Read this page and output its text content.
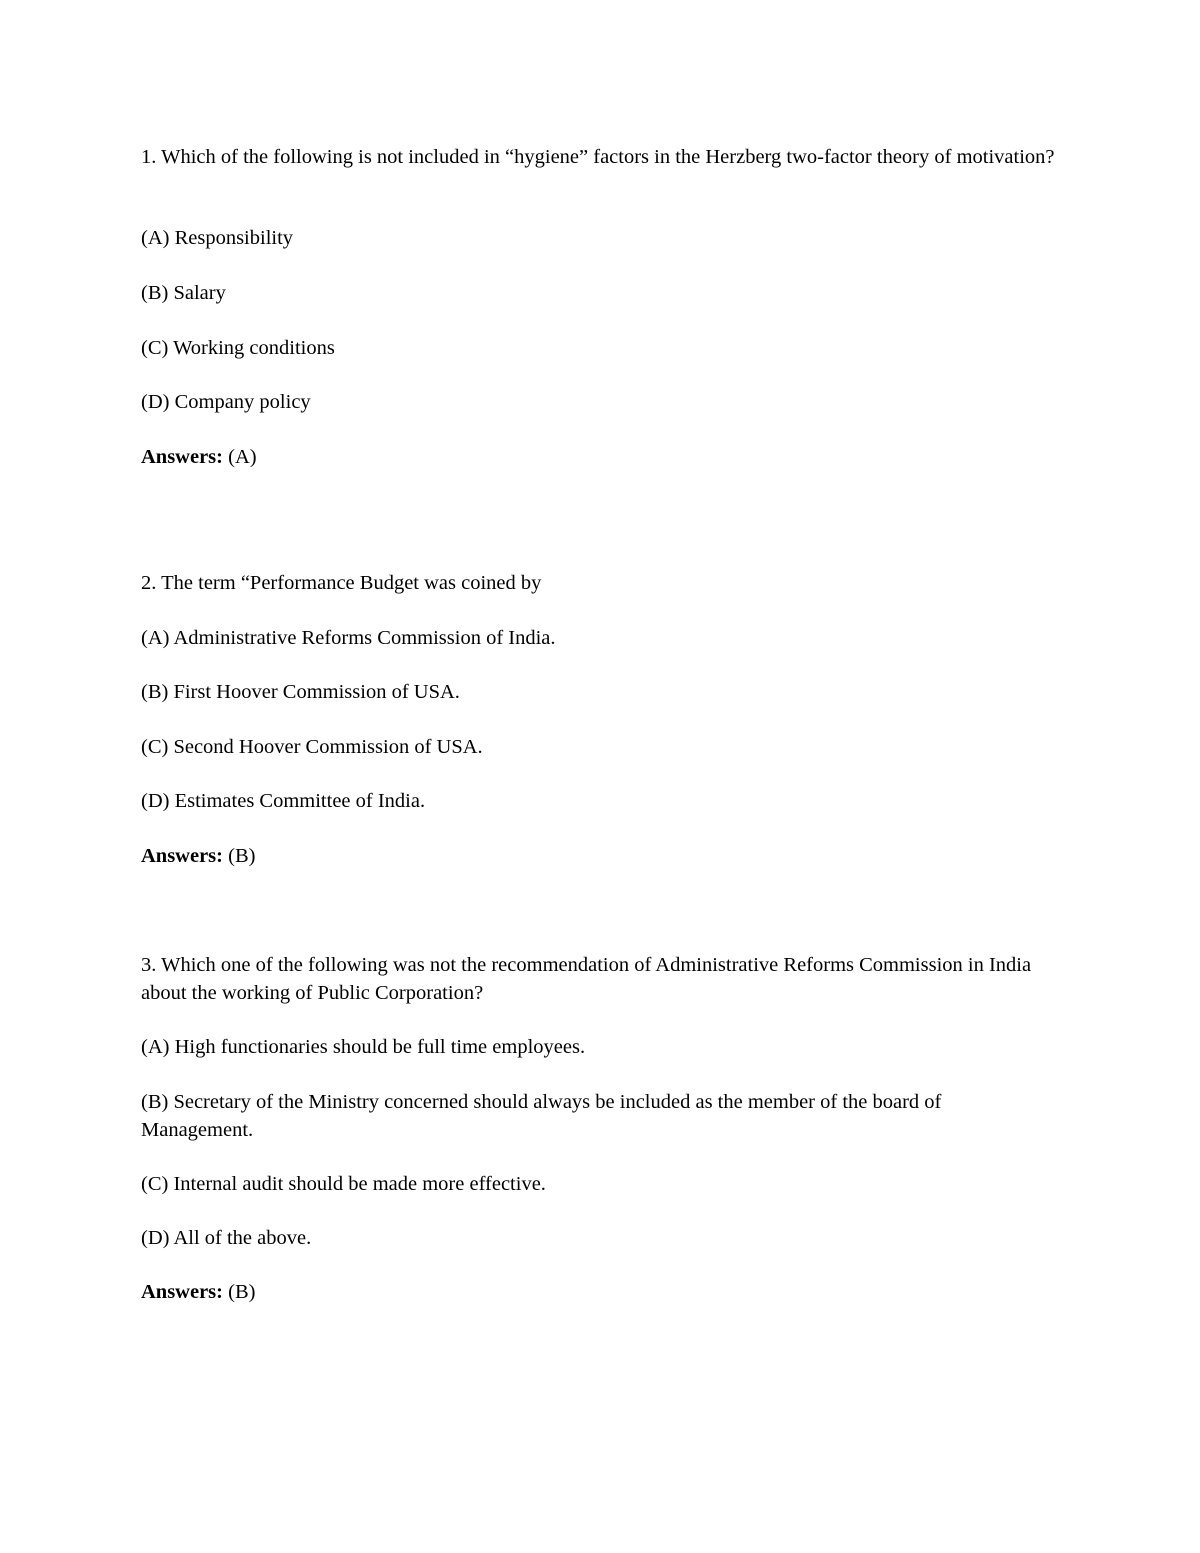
1. Which of the following is not included in “hygiene” factors in the Herzberg two-factor theory of motivation?

(A) Responsibility

(B) Salary

(C) Working conditions

(D) Company policy

Answers: (A)

2. The term “Performance Budget was coined by

(A) Administrative Reforms Commission of India.

(B) First Hoover Commission of USA.

(C) Second Hoover Commission of USA.

(D) Estimates Committee of India.

Answers: (B)

3. Which one of the following was not the recommendation of Administrative Reforms Commission in India about the working of Public Corporation?

(A) High functionaries should be full time employees.

(B) Secretary of the Ministry concerned should always be included as the member of the board of Management.

(C) Internal audit should be made more effective.

(D) All of the above.

Answers: (B)
